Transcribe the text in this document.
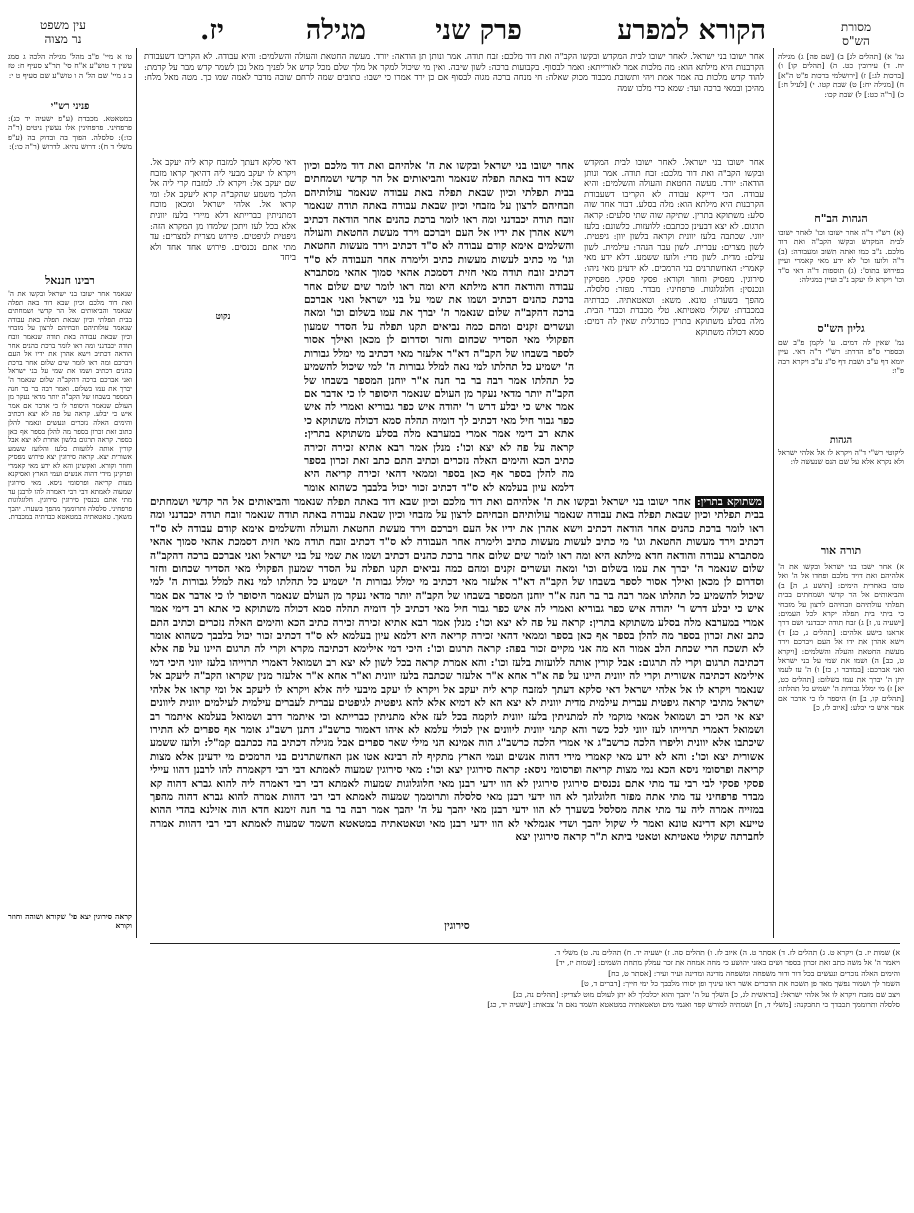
מסורת
הש"ס
הקורא למפרע
פרק שני
מגילה
יז.
עין משפט
נר מצוה
אחר ישובו בני ישראל. לאחר ישובו לבית המקדש ובקשו הקב"ה ואת דוד מלכם: זבח תודה. אמר ונותן תן הודאה: יורד. מעשה החטאת והעולה והשלמים: והיא עבודה. לא הקריבו דשעבודת הקרבנות היא מילתא הוא: מה מלכות אמר לאורייתא: ואמר לבסוף. בקבועות ברכה: לשון שיבה. ואין מי שיכול למקר אל מלך שלם מכל קדש אל לפניך מאל נכן לשמר קדש מבר על קדמת: להוד קדש מלכות בה אמר אמת ויהי ותשובת מכבוד מכוק שאלה: חי מנחה ברכה מגוה לבסוף אם כן ירד אמרו כי ישבו: כתובים שמה לרחם שובה מדבר לאמה שמו כך. מטה מאל מלח: מהיכן ובמאי ברכה ועד: שמא כדי מלכו שמה
אחר ישובו בני ישראל. לאחר ישובו לבית המקדש ובקשו הקב"ה ואת דוד מלכם: זבח תודה. אמר ונותן הודאה: יורד. מעשה החטאת והעולה והשלמים: והיא עבודה. הכי דייקא עבודה לא הקריבו דשעבודת הקרבנות היא מילתא הוא: מלה בסלע. דבור אחד שוה סלע: משתוקא בתרין. שתיקה שוה שתי סלעים: קראה תרגום. לא יצא דבעינן ככתבם: ללועזות. כלשונם: בלעז יווני. שכתבה בלעז יוונית וקראה בלשון יוון: גיפטית. לשון מצרים: עברית. לשון עבר הנהר: עילמית. לשון עילם: מדית. לשון מדי: ולועז ששמע. דלא ידע מאי קאמרי: האחשתרנים בני הרמכים. לא ידעינן מאי ניהו: סירוגין. מפסיק וחוזר וקורא: פסקי פסקי. מפסיקין ונכנסין: חלוגלוגות. פרפחיני: מבדר. מפזר: סלסלה. מהפך בשערו: טונא. משא: וטאטאתיה. כבדתיה במכבדת: שקולי טאטיתא. טלי מכבדת וכבדי הבית. מלה בסלע משתוקא בתרין כמרגלית שאין לה דמים: סמא דכולה משתוקא
דאי סלקא דעתך למזבח קרא ליה יעקב אל. ויקרא לו יעקב מבעי ליה דהיאך קראו מזבח שם יעקב אל: ויקרא לו. למזבח קרי ליה אל הלכך משמע שהקב"ה קרא ליעקב אל: ומי קראו אל. אלהי ישראל ומכאן מוכח דמתניתין כברייתא דלא מיירי בלעז יוונית אלא בכל לעז ויתכן שלמדו מן המקרא הזה: גיפטית לגיפטים. פירוש מצרית למצרים: עד מתי אתם נכנסים. פירוש אחד אחד ולא ביחד
נקוט
אחר ישובו בני ישראל ובקשו את ה' אלהיהם ואת דוד מלכם וכיון שבא דוד באתה תפלה שנאמר והביאותים אל הר קדשי ושמחתים בבית תפלתי וכיון שבאת תפלה באת עבודה שנאמר עולותיהם וזבחיהם לרצון על מזבחי וכיון שבאת עבודה באתה תודה שנאמר זובח תודה יכבדנני ומה ראו לומר ברכת כהנים אחר הודאה דכתיב וישא אהרן את ידיו אל העם ויברכם וירד מעשת החטאת והעולה והשלמים אימא קודם עבודה לא ס"ד דכתיב וירד מעשות החטאת וגו' מי כתיב לעשות מעשות כתיב ולימרה אחר העבודה לא ס"ד דכתיב זובח תודה מאי חזית דסמכת אהאי סמוך אהאי מסתברא עבודה והודאה חדא מילתא היא ומה ראו לומר שים שלום אחר ברכת כהנים דכתיב ושמו את שמי על בני ישראל ואני אברכם ברכה דהקב"ה שלום שנאמר ה' יברך את עמו בשלום וכו' ומאה ועשרים זקנים ומהם כמה נביאים תקנו תפלה על הסדר שמעון הפקולי מאי הסדיר שכחום וחזר וסדרום לן מכאן ואילך אסור לספר בשבחו של הקב"ה דא"ר אלעזר מאי דכתיב מי ימלל גבורות ה' ישמיע כל תהלתו למי נאה למלל גבורות ה' למי שיכול להשמיע כל תהלתו אמר רבה בר בר חנה א"ר יוחנן המספר בשבחו של הקב"ה יותר מדאי נעקר מן העולם שנאמר היסופר לו כי אדבר אם אמר איש כי יבלע דרש ר' יהודה איש כפר גבוריא ואמרי לה איש כפר גבור חיל מאי דכתיב לך דומיה תהלה סמא דכולה משתוקא כי אתא רב דימי אמר אמרי במערבא מלה בסלע משתוקא בתרין: קראה על פה לא יצא וכו': מנלן אמר רבא אתיא זכירה זכירה כתיב הכא והימים האלה נזכרים וכתיב התם כתב זאת זכרון בספר מה להלן בספר אף כאן בספר וממאי דהאי זכירה קריאה היא דלמא עיון בעלמא לא ס"ד דכתיב זכור יכול בלבבך כשהוא אומר
משתוקא בתרין: אחר ישובו בני ישראל ובקשו את ה' אלהיהם ואת דוד מלכם וכיון שבא דוד באתה תפלה שנאמר והביאותים אל הר קדשי ושמחתים בבית תפלתי וכיון שבאת תפלה באת עבודה שנאמר עולותיהם וזבחיהם לרצון על מזבחי וכיון שבאת עבודה באתה תודה שנאמר זובח תודה יכבדנני ומה ראו לומר ברכת כהנים אחר הודאה דכתיב וישא אהרן את ידיו אל העם ויברכם וירד מעשת החטאת והעולה והשלמים אימא קודם עבודה לא ס"ד דכתיב וירד מעשות החטאת וגו' מי כתיב לעשות מעשות כתיב ולימרה אחר העבודה לא ס"ד דכתיב זובח תודה מאי חזית דסמכת אהאי סמוך אהאי מסתברא עבודה והודאה חדא מילתא היא ומה ראו לומר שים שלום אחר ברכת כהנים דכתיב ושמו את שמי על בני ישראל ואני אברכם ברכה דהקב"ה שלום שנאמר ה' יברך את עמו בשלום וכו' ומאה ועשרים זקנים ומהם כמה נביאים תקנו תפלה על הסדר שמעון הפקולי מאי הסדיר שכחום וחזר וסדרום לן מכאן ואילך אסור לספר בשבחו של הקב"ה דא"ר אלעזר מאי דכתיב מי ימלל גבורות ה' ישמיע כל תהלתו למי נאה למלל גבורות ה' למי שיכול להשמיע כל תהלתו אמר רבה בר בר חנה א"ר יוחנן המספר בשבחו של הקב"ה יותר מדאי נעקר מן העולם שנאמר היסופר לו כי אדבר אם אמר איש כי יבלע דרש ר' יהודה איש כפר גבוריא ואמרי לה איש כפר גבור חיל מאי דכתיב לך דומיה תהלה סמא דכולה משתוקא כי אתא רב דימי אמר אמרי במערבא מלה בסלע משתוקא בתרין: קראה על פה לא יצא וכו': מנלן אמר רבא אתיא זכירה זכירה כתיב הכא והימים האלה נזכרים וכתיב התם כתב זאת זכרון בספר מה להלן בספר אף כאן בספר וממאי דהאי זכירה קריאה היא דלמא עיון בעלמא לא ס"ד דכתיב זכור יכול בלבבך כשהוא אומר לא תשכח הרי שכחת הלב אמור הא מה אני מקיים זכור בפה: קראה תרגום וכו': היכי דמי אילימא דכתיבה מקרא וקרי לה תרגום היינו על פה אלא דכתיבה תרגום וקרי לה תרגום: אבל קורין אותה ללועזות בלעז וכו': והא אמרת קראה בכל לשון לא יצא רב ושמואל דאמרי תרוייהו בלעז יווני היכי דמי אילימא דכתיבה אשורית וקרי לה יוונית היינו על פה א"ר אחא א"ר אלעזר שכתבה בלעז יוונית וא"ר אחא א"ר אלעזר מנין שקראו הקב"ה ליעקב אל שנאמר ויקרא לו אל אלהי ישראל דאי סלקא דעתך למזבח קרא ליה יעקב אל ויקרא לו יעקב מיבעי ליה אלא ויקרא לו ליעקב אל ומי קראו אל אלהי ישראל מתיבי קראה גיפטית עברית עילמית מדית יוונית לא יצא הא לא דמיא אלא להא גיפטית לגיפטים עברית לעברים עילמית לעילמים יוונית ליוונים יצא אי הכי רב ושמואל אמאי מוקמי לה למתניתין בלעז יוונית לוקמה בכל לעז אלא מתניתין כברייתא וכי איתמר דרב ושמואל בעלמא איתמר רב ושמואל דאמרי תרוייהו לעז יווני לכל כשר והא קתני יוונית ליוונים אין לכולי עלמא לא איהו דאמור כרשב"ג דתנן רשב"ג אומר אף ספרים לא התירו שיכתבו אלא יוונית וליפרו הלכה כרשב"ג אי אמרי הלכה כרשב"ג הוה אמינא הני מילי שאר ספרים אבל מגילה דכתיב בה ככתבם קמ"ל: ולועז ששמע אשורית יצא וכו': והא לא ידע מאי קאמרי מידי דהוה אנשים ועמי הארץ מתקיף לה רבינא אטו אנן האחשתרנים בני הרמכים מי ידעינן אלא מצות קריאה ופרסומי ניסא הכא נמי מצות קריאה ופרסומי ניסא: קראה סירוגין יצא וכו': מאי סירוגין שמעוה לאמתא דבי רבי דקאמרה להו לרבנן דהוו עיילי פסקי פסקי לבי רבי עד מתי אתם נכנסים סירוגין סירוגין לא הוו ידעי רבנן מאי חלוגלוגות שמעוה לאמתא דבי רבי דאמרה ליה להוא גברא דהוה קא מבדר פרפחיני עד מתי אתה מפזר חלוגלוגך לא הוו ידעי רבנן מאי סלסלה ותרוממך שמעוה לאמתא דבי רבי דהוות אמרה להוא גברא דהוה מהפך במזייה אמרה ליה עד מתי אתה מסלסל בשערך לא הוו ידעי רבנן מאי יהבך על ה' יהבך אמר רבה בר בר חנה זימנא חדא הוה אזילנא בהדי ההוא טייעא וקא דרינא טונא ואמר לי שקול יהבך ושדי אגמלאי לא הוו ידעי רבנן מאי וטאטאתיה במטאטא השמד שמעוה לאמתא דבי רבי דהוות אמרה לחברתה שקולי טאטיתא וטאטי ביתא ת"ר קראה סירוגין יצא
סירוגין
גמ' א) [תהלים לג] ב) [שם פה] ג) מגילה יח. ד) עירובין כט. ה) [תהלים קו] ו) [ברכות לג:] ז) [ירושלמי ברכות פ"ט ה"א] ח) [מגילה יח:] ט) שבת קטו. י) [לעיל ח:] כ) [ר"ה כט:] ל) שבת קכו:
הגהות הב"ח
(א) רש"י ד"ה אחר ישובו וכו' לאחר ישובו לבית המקדש ובקשו הקב"ה ואת דוד מלכם. נ"ב כמו ואתה תשוב ומעבודה: (ב) ד"ה ולועז וכו' לא ידע מאי קאמרי ועיין בפירוש בתוס': (ג) תוספות ד"ה דאי ס"ד וכו' ויקרא לו יעקב נ"ב ועיין במגילה:
גליון הש"ס
גמ' שאין לה דמים. ע' לקמן פ"ב שם ובספרי ס"פ הדרת: רש"י ד"ה דאי. עיין יומא דף ע"ב ושבת דף ס"ג ע"ב ויקרא רבה פ"ו:
הגהות
ליקוטי רש"י ד"ה ויקרא לו אל אלהי ישראל ולא נקרא אלא על שם הנס שנעשה לו:
תורה אור
א) אחר ישבו בני ישראל ובקשו את ה' אלהיהם ואת דויד מלכם ופחדו אל ה' ואל טובו באחרית הימים: [הושע ג, ה] ב) והביאותים אל הר קדשי ושמחתים בבית תפלתי עולתיהם וזבחיהם לרצון על מזבחי כי ביתי בית תפלה יקרא לכל העמים: [ישעיה נו, ז] ג) זבח תודה יכבדנני ושם דרך אראנו בישע אלהים: [תהלים נ, כג] ד) וישא אהרן את ידו אל העם ויברכם וירד מעשת החטאת והעלה והשלמים: [ויקרא ט, כב] ה) ושמו את שמי על בני ישראל ואני אברכם: [במדבר ו, כז] ו) ה' עז לעמו יתן ה' יברך את עמו בשלום: [תהלים כט, יא] ז) מי ימלל גבורות ה' ישמיע כל תהלתו: [תהלים קו, ב] ח) היספר לו כי אדבר אם אמר איש כי יבלע: [איוב לז, כ]
טו א מיי' פ"ב מהל' מגילה הלכה ג סמג עשין ד טוש"ע א"ח סי' תר"צ סעיף ח: טז ב ג מיי' שם הל' ה ו טוש"ע שם סעיף ט י:
פניני רש"י
במטאטא. מכבדת (ע"פ ישעיה יד כג): פרפחיני. פרפחינין אלו נעשין ניטים (ר"ה כו:): סלסלה. הפוך בה ובדוק בה (ע"פ משלי ד ח): דרוש נהיא. לדרוש (ר"ה כו:):
רבינו חננאל
שנאמר אחר ישובו בני ישראל ובקשו את ה' ואת דוד מלכם וכיון שבא דוד באה תפלה שנאמר והביאותים אל הר קדשי ושמחתים בבית תפלתי וכיון שבאת תפלה באת עבודה שנאמר עולותיהם וזבחיהם לרצון על מזבחי וכיון שבאת עבודה באת תודה שנאמר זובח תודה יכבדנני ומה ראו לומר ברכת כהנים אחר הודאה דכתיב וישא אהרן את ידיו אל העם ויברכם ומה ראו לומר שים שלום אחר ברכת כהנים דכתיב ושמו את שמי על בני ישראל ואני אברכם ברכה דהקב"ה שלום שנאמר ה' יברך את עמו בשלום. ואמר רבה בר בר חנה המספר בשבחו של הקב"ה יותר מדאי נעקר מן העולם שנאמר היסופר לו כי אדבר אם אמר איש כי יבלע. קראה על פה לא יצא דכתיב והימים האלה נזכרים ונעשים ונאמר להלן כתוב זאת זכרון בספר מה להלן בספר אף כאן בספר. קראה תרגום בלשון אחרת לא יצא אבל קורין אותה ללועזות בלעז והלועז ששמע אשורית יצא. קראה סירוגין יצא פירוש מפסיק וחוזר וקורא. ואקשינן והא לא ידע מאי קאמרי ופרקינן מידי דהוה אנשים ועמי הארץ ואסיקנא מצות קריאה ופרסומי ניסא. מאי סירוגין שמעוה לאמתא דבי רבי דאמרה להו לרבנן עד מתי אתם נכנסין סירוגין סירוגין. חלוגלוגות פרפחיני. סלסלה ותרוממך מהפך בשערו. יהבך משאך. טאטאתיה במטאטא כבדתיה במכבדת.
קראה סירוגין יצא פי' שקורא ושוהה וחוזר וקורא
א) שמות יז. ב) ויקרא ט. ג) תהלים לז. ד) אסתר ט. ה) איוב לז. ו) תהלים סה. ז) ישעיה יד. ח) תהלים נה. ט) משלי ד.
ויאמר ה' אל משה כתב זאת זכרון בספר ושים באזני יהושע כי מחה אמחה את זכר עמלק מתחת השמים: [שמות יז, יד]
והימים האלה נזכרים ונעשים בכל דור ודור משפחה ומשפחה מדינה ומדינה ועיר ועיר: [אסתר ט, כח]
השמר לך ושמור נפשך מאד פן תשכח את הדברים אשר ראו עיניך ופן יסורו מלבבך כל ימי חייך: [דברים ד, ט]
ויצב שם מזבח ויקרא לו אל אלהי ישראל: [בראשית לג, כ] השלך על ה' יהבך והוא יכלכלך לא יתן לעולם מוט לצדיק: [תהלים נה, כג]
סלסלה ותרוממך תכבדך כי תחבקנה: [משלי ד, ח] ושמתיה למורש קפד ואגמי מים וטאטאתיה במטאטא השמד נאם ה' צבאות: [ישעיה יד, כג]
